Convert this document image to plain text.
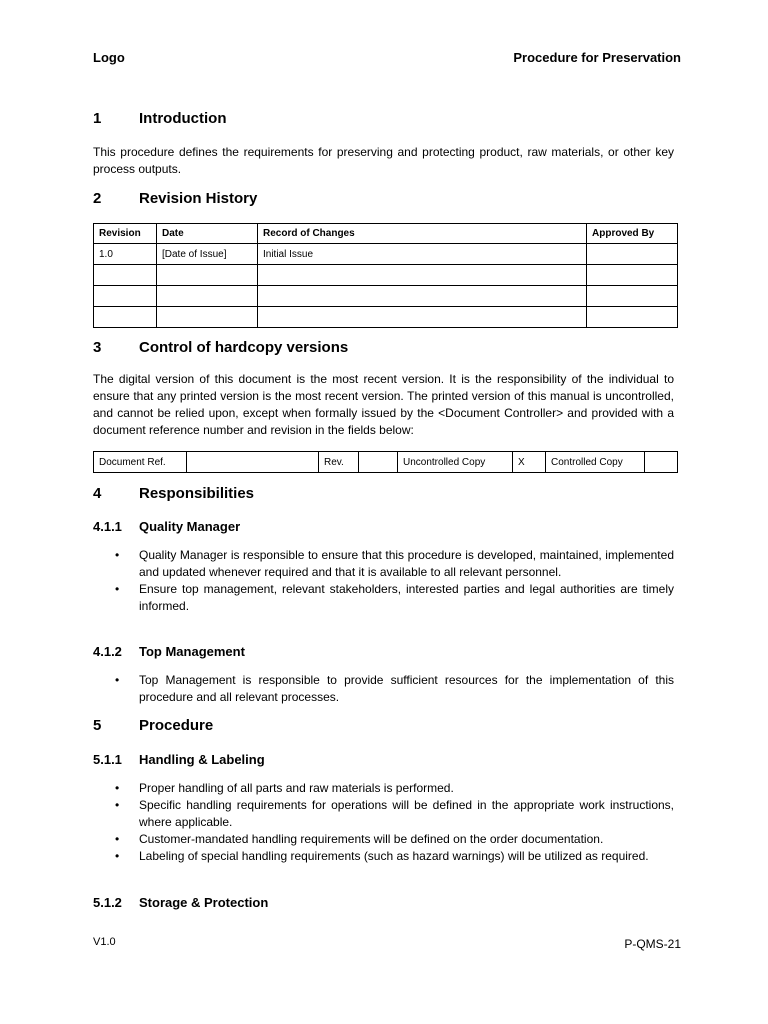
Logo	Procedure for Preservation
1	Introduction
This procedure defines the requirements for preserving and protecting product, raw materials, or other key process outputs.
2	Revision History
Revision	Date	Record of Changes	Approved By
1.0	[Date of Issue]	Initial Issue	

3	Control of hardcopy versions
The digital version of this document is the most recent version. It is the responsibility of the individual to ensure that any printed version is the most recent version. The printed version of this manual is uncontrolled, and cannot be relied upon, except when formally issued by the <Document Controller> and provided with a document reference number and revision in the fields below:
Document Ref.		Rev.		Uncontrolled Copy	X	Controlled Copy	
4	Responsibilities
4.1.1 Quality Manager
• Quality Manager is responsible to ensure that this procedure is developed, maintained, implemented and updated whenever required and that it is available to all relevant personnel.
• Ensure top management, relevant stakeholders, interested parties and legal authorities are timely informed.
4.1.2 Top Management
• Top Management is responsible to provide sufficient resources for the implementation of this procedure and all relevant processes.
5	Procedure
5.1.1 Handling & Labeling
• Proper handling of all parts and raw materials is performed.
• Specific handling requirements for operations will be defined in the appropriate work instructions, where applicable.
• Customer-mandated handling requirements will be defined on the order documentation.
• Labeling of special handling requirements (such as hazard warnings) will be utilized as required.
5.1.2 Storage & Protection
V1.0	P-QMS-21
